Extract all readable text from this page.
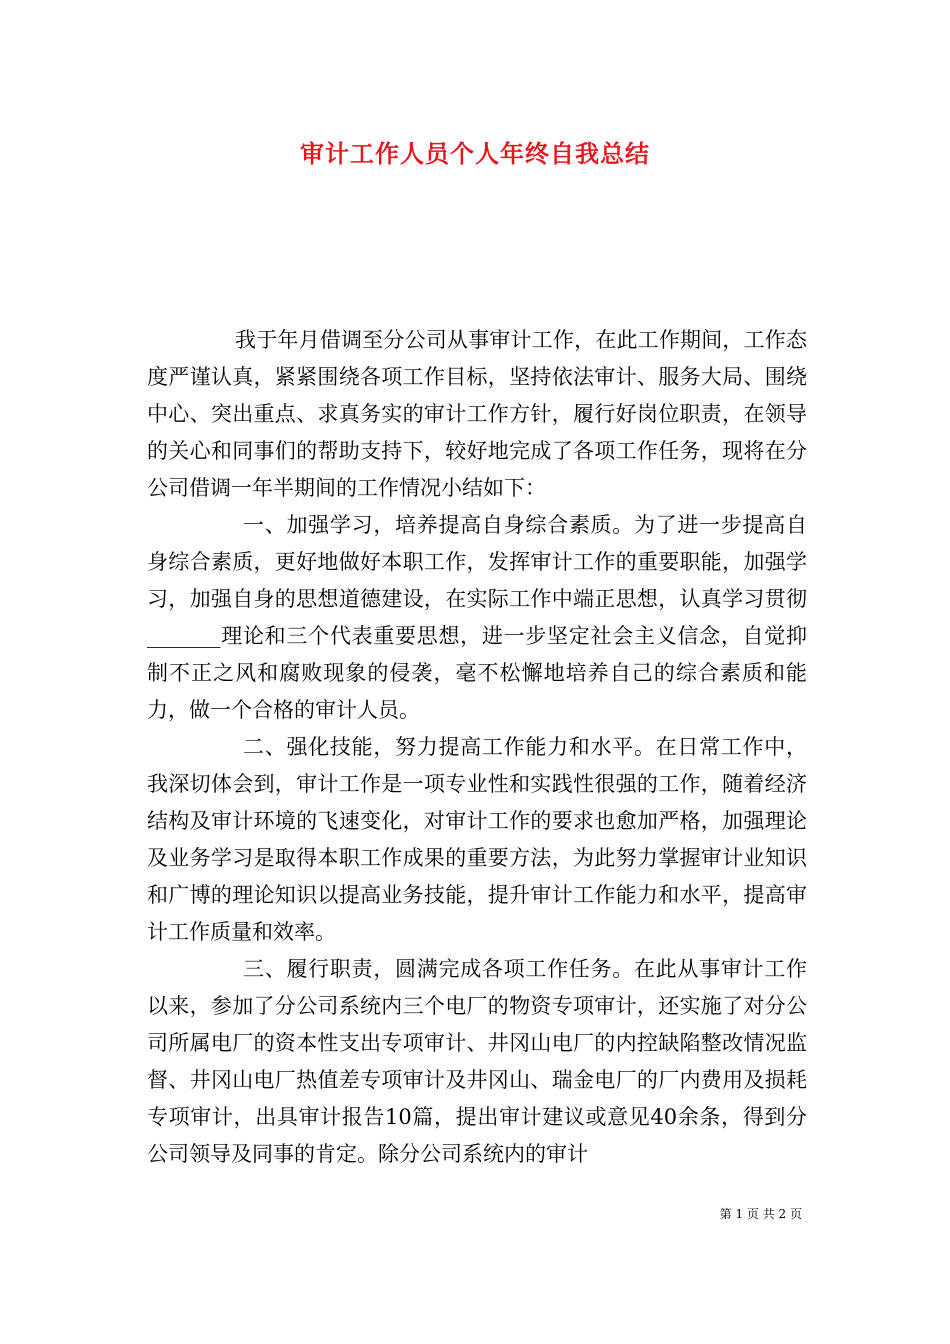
审计工作人员个人年终自我总结

我于年月借调至分公司从事审计工作，在此工作期间，工作态度严谨认真，紧紧围绕各项工作目标，坚持依法审计、服务大局、围绕中心、突出重点、求真务实的审计工作方针，履行好岗位职责，在领导的关心和同事们的帮助支持下，较好地完成了各项工作任务，现将在分公司借调一年半期间的工作情况小结如下：

一、加强学习，培养提高自身综合素质。为了进一步提高自身综合素质，更好地做好本职工作，发挥审计工作的重要职能，加强学习，加强自身的思想道德建设，在实际工作中端正思想，认真学习贯彻_______理论和三个代表重要思想，进一步坚定社会主义信念，自觉抑制不正之风和腐败现象的侵袭，毫不松懈地培养自己的综合素质和能力，做一个合格的审计人员。

二、强化技能，努力提高工作能力和水平。在日常工作中，我深切体会到，审计工作是一项专业性和实践性很强的工作，随着经济结构及审计环境的飞速变化，对审计工作的要求也愈加严格，加强理论及业务学习是取得本职工作成果的重要方法，为此努力掌握审计业知识和广博的理论知识以提高业务技能，提升审计工作能力和水平，提高审计工作质量和效率。

三、履行职责，圆满完成各项工作任务。在此从事审计工作以来，参加了分公司系统内三个电厂的物资专项审计，还实施了对分公司所属电厂的资本性支出专项审计、井冈山电厂的内控缺陷整改情况监督、井冈山电厂热值差专项审计及井冈山、瑞金电厂的厂内费用及损耗专项审计，出具审计报告10篇，提出审计建议或意见40余条，得到分公司领导及同事的肯定。除分公司系统内的审计

第 1 页 共 2 页
